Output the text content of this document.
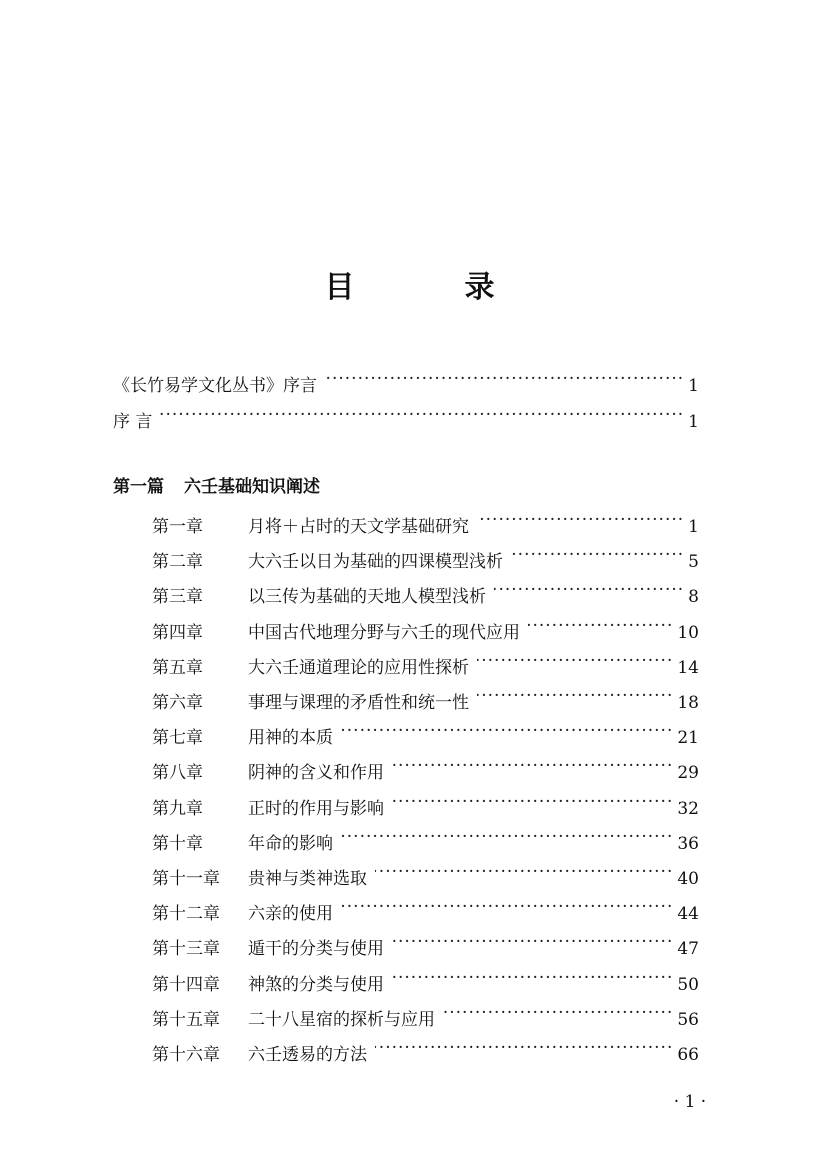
目　录
《长竹易学文化丛书》序言 ·····	1
序 言 ·····	1
第一篇 六壬基础知识阐述
第一章	月将＋占时的天文学基础研究 ·····	1
第二章	大六壬以日为基础的四课模型浅析 ·····	5
第三章	以三传为基础的天地人模型浅析 ·····	8
第四章	中国古代地理分野与六壬的现代应用 ·····	10
第五章	大六壬通道理论的应用性探析 ·····	14
第六章	事理与课理的矛盾性和统一性 ·····	18
第七章	用神的本质 ·····	21
第八章	阴神的含义和作用 ·····	29
第九章	正时的作用与影响 ·····	32
第十章	年命的影响 ·····	36
第十一章	贵神与类神选取 ·····	40
第十二章	六亲的使用 ·····	44
第十三章	遁干的分类与使用 ·····	47
第十四章	神煞的分类与使用 ·····	50
第十五章	二十八星宿的探析与应用 ·····	56
第十六章	六壬透易的方法 ·····	66
· 1 ·
